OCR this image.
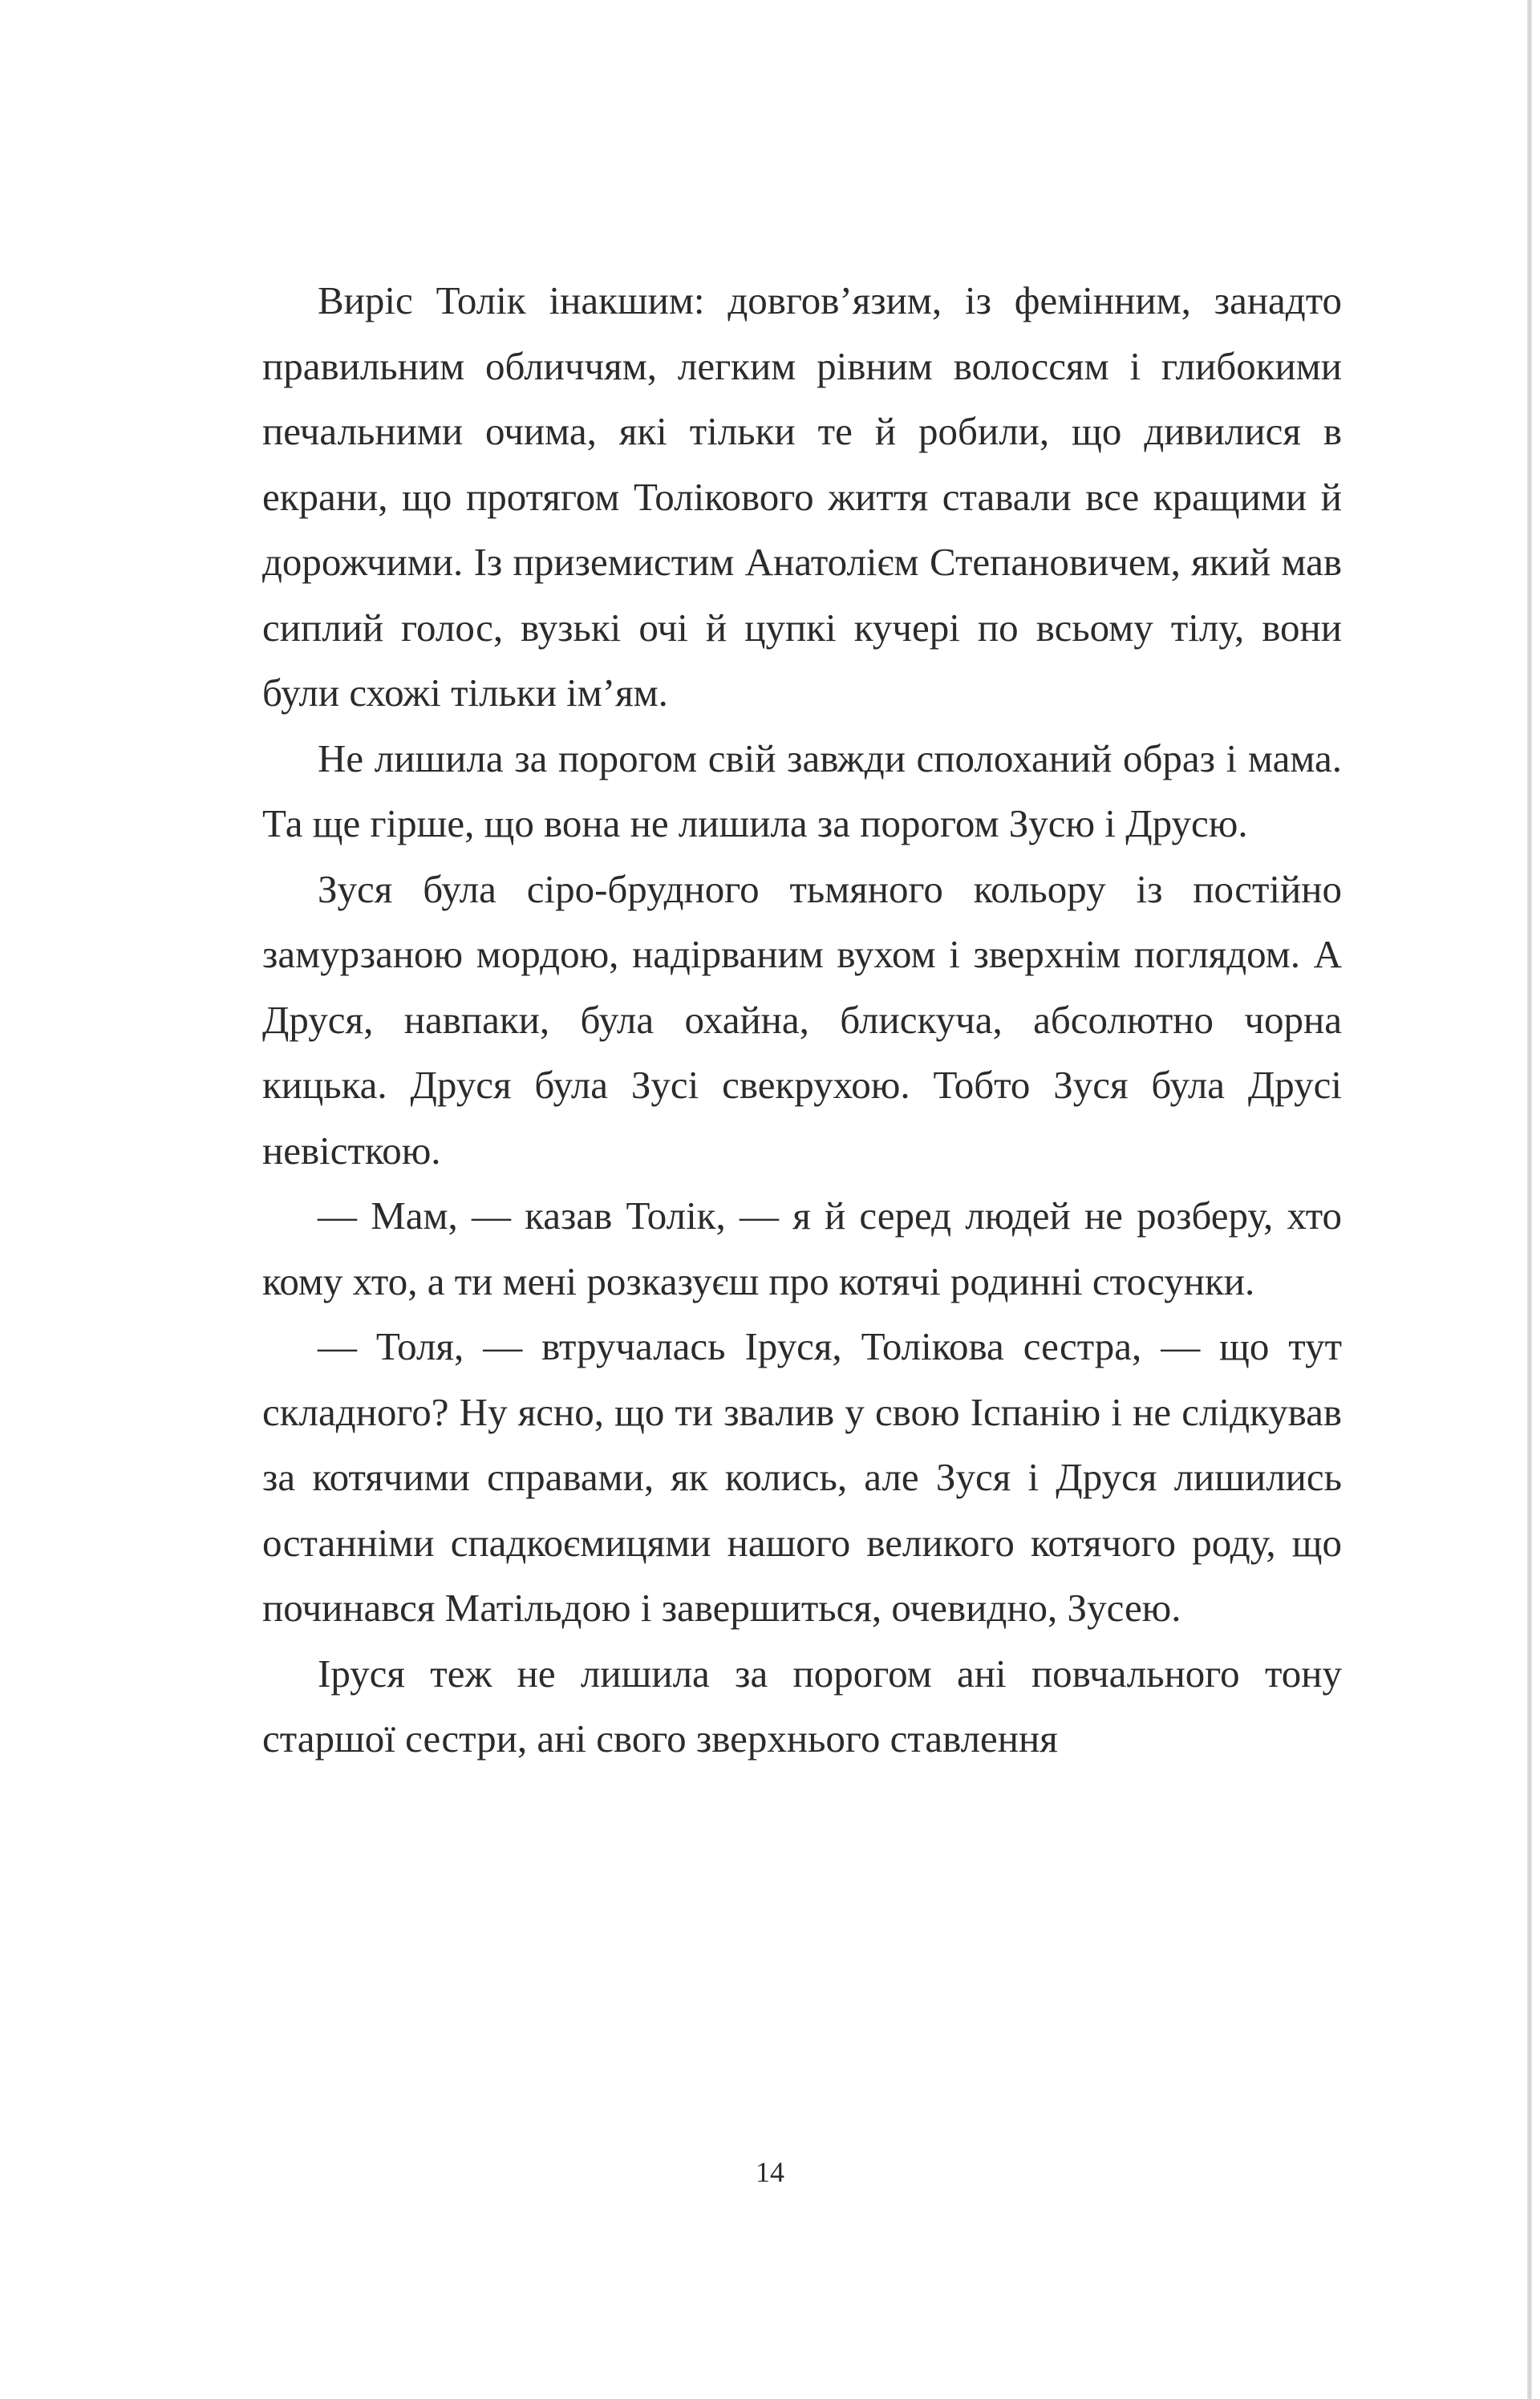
Виріс Толік інакшим: довгов’язим, із фемінним, занадто правильним обличчям, легким рівним волоссям і глибокими печальними очима, які тільки те й робили, що дивилися в екрани, що протягом Толікового життя ставали все кращими й дорожчими. Із приземистим Анатолієм Степановичем, який мав сиплий голос, вузькі очі й цупкі кучері по всьому тілу, вони були схожі тільки ім’ям.

Не лишила за порогом свій завжди сполоханий образ і мама. Та ще гірше, що вона не лишила за порогом Зусю і Друсю.

Зуся була сіро-брудного тьмяного кольору із постійно замурзаною мордою, надірваним вухом і зверхнім поглядом. А Друся, навпаки, була охайна, блискуча, абсолютно чорна кицька. Друся була Зусі свекрухою. Тобто Зуся була Друсі невісткою.

— Мам, — казав Толік, — я й серед людей не розберу, хто кому хто, а ти мені розказуєш про котячі родинні стосунки.

— Толя, — втручалась Іруся, Толікова сестра, — що тут складного? Ну ясно, що ти звалив у свою Іспанію і не слідкував за котячими справами, як колись, але Зуся і Друся лишились останніми спадкоємицями нашого великого котячого роду, що починався Матільдою і завершиться, очевидно, Зусею.

Іруся теж не лишила за порогом ані повчального тону старшої сестри, ані свого зверхнього ставлення

14
